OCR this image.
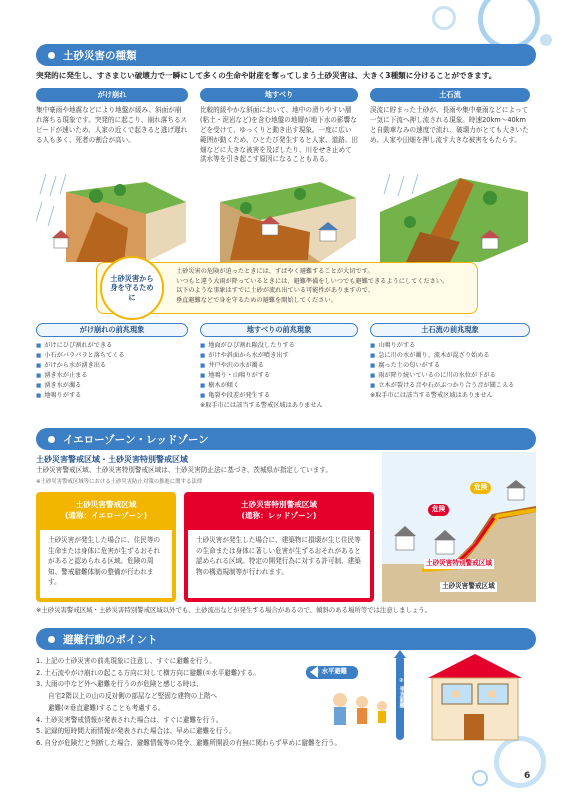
土砂災害の種類
突発的に発生し、すさまじい破壊力で一瞬にして多くの生命や財産を奪ってしまう土砂災害は、大きく3種類に分けることができます。
がけ崩れ	地すべり	土石流
集中豪雨や地震などにより地盤が緩み、斜面が崩れ落ちる現象です。突発的に起こり、崩れ落ちるスピードが速いため、人家の近くで起きると逃げ遅れる人も多く、死者の割合が高い。
比較的緩やかな斜面において、地中の滑りやすい層(粘土・泥岩など)を含む地盤の地層が地下水の影響などを受けて、ゆっくりと動き出す現象。一度に広い範囲が動くため、ひとたび発生すると人家、道路、田畑などに大きな被害を及ぼしたり、川をせき止めて洪水等を引き起こす原因になることもある。
渓流に貯まった土砂が、長雨や集中豪雨などによって一気に下流へ押し流される現象。時速20km〜40kmと自動車なみの速度で流れ、破壊力がとても大きいため、人家や田畑を押し流す大きな被害をもたらす。
土砂災害から身を守るために
土砂災害の危険が迫ったときには、すばやく避難することが大切です。
いつもと違う大雨が降っているときには、避難準備をしいつでも避難できるようにしてください。
以下のような事象はすでに土砂が流れ出ている可能性がありますので、
垂直避難などで身を守るための避難を開始してください。
がけ崩れの前兆現象	地すべりの前兆現象	土石流の前兆現象
■ がけにひび割れができる
■ 小石がパラパラと落ちてくる
■ がけから水が湧き出る
■ 湧き水が止まる
■ 湧き水が濁る
■ 地鳴りがする
■ 地面がひび割れ陥没したりする
■ がけや斜面から水が噴き出す
■ 井戸や沢の水が濁る
■ 地鳴り・山鳴りがする
■ 樹木が傾く
■ 亀裂や段差が発生する
※取手市には該当する警戒区域はありません
■ 山鳴りがする
■ 急に川の水が濁り、流木が混ざり始める
■ 腐った土の匂いがする
■ 雨が降り続いているのに川の水位が下がる
■ 立木が裂ける音や石がぶつかり合う音が聞こえる
※取手市には該当する警戒区域はありません
イエローゾーン・レッドゾーン
土砂災害警戒区域・土砂災害特別警戒区域
土砂災害警戒区域、土砂災害特別警戒区域は、土砂災害防止法に基づき、茨城県が指定しています。
※土砂災害警戒区域等における土砂災害防止対策の推進に関する法律
土砂災害警戒区域
(通称：イエローゾーン)
土砂災害が発生した場合に、住民等の生命または身体に危害が生ずるおそれがあると認められる区域。危険の周知、警戒避難体制の整備が行われます。
土砂災害特別警戒区域
(通称：レッドゾーン)
土砂災害が発生した場合に、建築物に損壊が生じ住民等の生命または身体に著しい危害が生ずるおそれがあると認められる区域。特定の開発行為に対する許可制、建築物の構造規制等が行われます。
危険
危険
土砂災害特別警戒区域
土砂災害警戒区域
※土砂災害警戒区域・土砂災害特別警戒区域以外でも、土砂流出などが発生する場合があるので、傾斜のある場所等では注意しましょう。
避難行動のポイント
1. 上記の土砂災害の前兆現象に注意し、すぐに避難を行う。
2. 土石流やがけ崩れの起こる方向に対して横方向に避難(①水平避難)する。
3. 大雨の中など外へ避難を行うのが危険と感じる時は、
自宅2階以上の山の反対側の部屋など堅固な建物の上階へ
避難(②垂直避難)することも考慮する。
4. 土砂災害警戒情報が発表された場合は、すぐに避難を行う。
5. 記録的短時間大雨情報が発表された場合は、早めに避難を行う。
6. 自分が危険だと判断した場合、避難情報等の発令、避難所開設の有無に関わらず早めに避難を行う。
① 水平避難
② 垂直避難
6
